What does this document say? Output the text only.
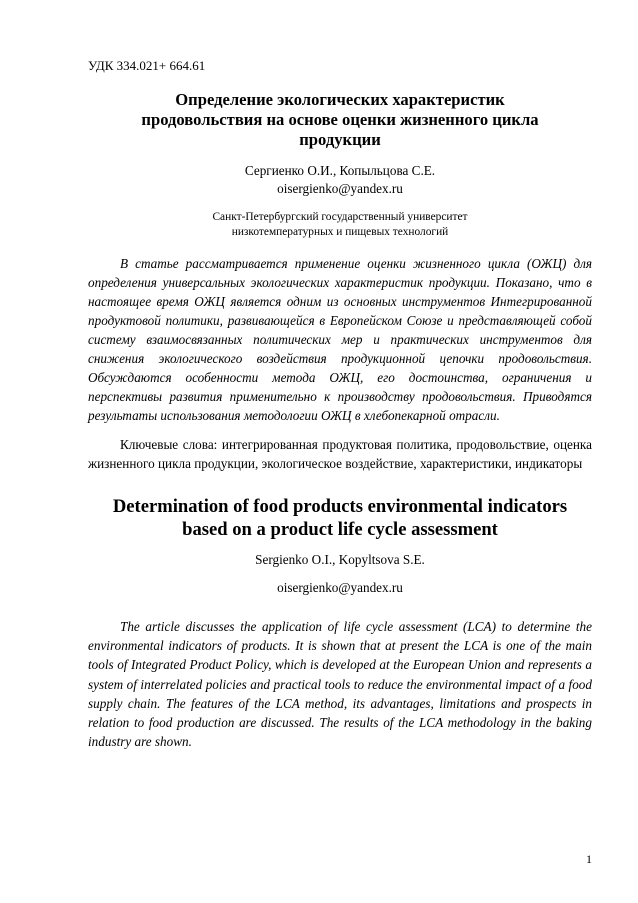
УДК 334.021+ 664.61
Определение экологических характеристик продовольствия на основе оценки жизненного цикла продукции
Сергиенко О.И., Копыльцова С.Е.
oisergienko@yandex.ru
Санкт-Петербургский государственный университет
низкотемпературных и пищевых технологий

В статье рассматривается применение оценки жизненного цикла (ОЖЦ) для определения универсальных экологических характеристик продукции. Показано, что в настоящее время ОЖЦ является одним из основных инструментов Интегрированной продуктовой политики, развивающейся в Европейском Союзе и представляющей собой систему взаимосвязанных политических мер и практических инструментов для снижения экологического воздействия продукционной цепочки продовольствия. Обсуждаются особенности метода ОЖЦ, его достоинства, ограничения и перспективы развития применительно к производству продовольствия. Приводятся результаты использования методологии ОЖЦ в хлебопекарной отрасли.

Ключевые слова: интегрированная продуктовая политика, продовольствие, оценка жизненного цикла продукции, экологическое воздействие, характеристики, индикаторы

Determination of food products environmental indicators based on a product life cycle assessment
Sergienko O.I., Kopyltsova S.E.
oisergienko@yandex.ru

The article discusses the application of life cycle assessment (LCA) to determine the environmental indicators of products. It is shown that at present the LCA is one of the main tools of Integrated Product Policy, which is developed at the European Union and represents a system of interrelated policies and practical tools to reduce the environmental impact of a food supply chain. The features of the LCA method, its advantages, limitations and prospects in relation to food production are discussed. The results of the LCA methodology in the baking industry are shown.

1
